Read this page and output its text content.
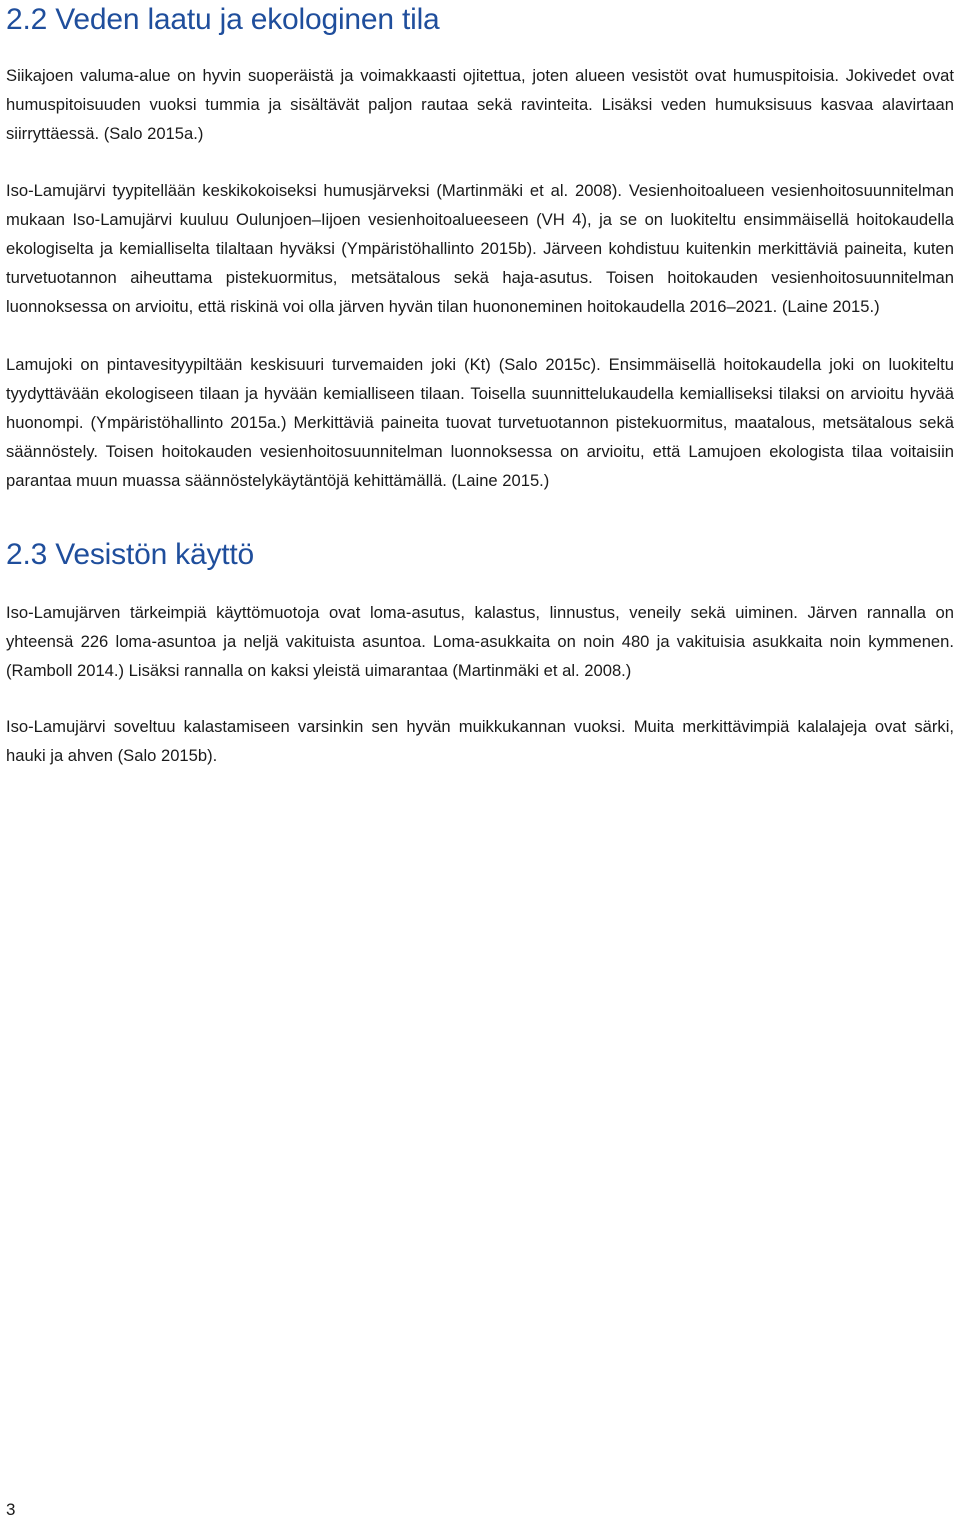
2.2 Veden laatu ja ekologinen tila

Siikajoen valuma-alue on hyvin suoperäistä ja voimakkaasti ojitettua, joten alueen vesistöt ovat humuspitoisia. Jokivedet ovat humuspitoisuuden vuoksi tummia ja sisältävät paljon rautaa sekä ravinteita. Lisäksi veden humuksisuus kasvaa alavirtaan siirryttäessä. (Salo 2015a.)

Iso-Lamujärvi tyypitellään keskikokoiseksi humusjärveksi (Martinmäki et al. 2008). Vesienhoitoalueen vesienhoitosuunnitelman mukaan Iso-Lamujärvi kuuluu Oulunjoen–Iijoen vesienhoitoalueeseen (VH 4), ja se on luokiteltu ensimmäisellä hoitokaudella ekologiselta ja kemialliselta tilaltaan hyväksi (Ympäristöhallinto 2015b). Järveen kohdistuu kuitenkin merkittäviä paineita, kuten turvetuotannon aiheuttama pistekuormitus, metsätalous sekä haja-asutus. Toisen hoitokauden vesienhoitosuunnitelman luonnoksessa on arvioitu, että riskinä voi olla järven hyvän tilan huononeminen hoitokaudella 2016–2021. (Laine 2015.)

Lamujoki on pintavesityypiltään keskisuuri turvemaiden joki (Kt) (Salo 2015c). Ensimmäisellä hoitokaudella joki on luokiteltu tyydyttävään ekologiseen tilaan ja hyvään kemialliseen tilaan. Toisella suunnittelukaudella kemialliseksi tilaksi on arvioitu hyvää huonompi. (Ympäristöhallinto 2015a.) Merkittäviä paineita tuovat turvetuotannon pistekuormitus, maatalous, metsätalous sekä säännöstely. Toisen hoitokauden vesienhoitosuunnitelman luonnoksessa on arvioitu, että Lamujoen ekologista tilaa voitaisiin parantaa muun muassa säännöstelykäytäntöjä kehittämällä. (Laine 2015.)

2.3 Vesistön käyttö

Iso-Lamujärven tärkeimpiä käyttömuotoja ovat loma-asutus, kalastus, linnustus, veneily sekä uiminen. Järven rannalla on yhteensä 226 loma-asuntoa ja neljä vakituista asuntoa. Loma-asukkaita on noin 480 ja vakituisia asukkaita noin kymmenen. (Ramboll 2014.) Lisäksi rannalla on kaksi yleistä uimarantaa (Martinmäki et al. 2008.)

Iso-Lamujärvi soveltuu kalastamiseen varsinkin sen hyvän muikkukannan vuoksi. Muita merkittävimpiä kalalajeja ovat särki, hauki ja ahven (Salo 2015b).

3
